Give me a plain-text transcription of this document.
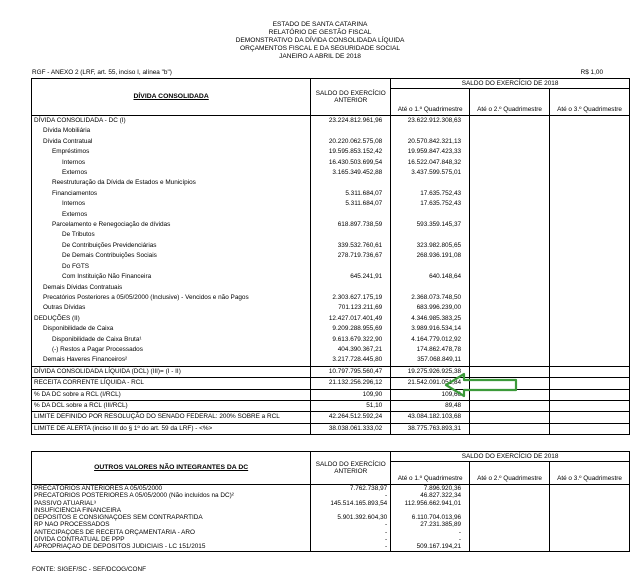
ESTADO DE SANTA CATARINA
RELATÓRIO DE GESTÃO FISCAL
DEMONSTRATIVO DA DÍVIDA CONSOLIDADA LÍQUIDA
ORÇAMENTOS FISCAL E DA SEGURIDADE SOCIAL
JANEIRO A ABRIL DE 2018
RGF - ANEXO 2 (LRF, art. 55, inciso I, alínea "b")	R$ 1,00
DÍVIDA CONSOLIDADA	SALDO DO EXERCÍCIO ANTERIOR	SALDO DO EXERCÍCIO DE 2018		
		Até o 1.º Quadrimestre	Até o 2.º Quadrimestre	Até o 3.º Quadrimestre
DÍVIDA CONSOLIDADA - DC (I)	23.224.812.961,96	23.622.912.308,63		
Dívida Mobiliária				
Dívida Contratual	20.220.062.575,08	20.570.842.321,13		
Empréstimos	19.595.853.152,42	19.959.847.423,33		
Internos	16.430.503.699,54	16.522.047.848,32		
Externos	3.165.349.452,88	3.437.599.575,01		
Reestruturação da Dívida de Estados e Municípios				
Financiamentos	5.311.684,07	17.635.752,43		
Internos	5.311.684,07	17.635.752,43		
Externos				
Parcelamento e Renegociação de dívidas	618.897.738,59	593.359.145,37		
De Tributos				
De Contribuições Previdenciárias	339.532.760,61	323.982.805,65		
De Demais Contribuições Sociais	278.719.736,67	268.936.191,08		
Do FGTS				
Com Instituição Não Financeira	645.241,91	640.148,64		
Demais Dívidas Contratuais				
Precatórios Posteriores a 05/05/2000 (Inclusive) - Vencidos e não Pagos	2.303.627.175,19	2.368.073.748,50		
Outras Dívidas	701.123.211,69	683.996.239,00		
DEDUÇÕES (II)	12.427.017.401,49	4.346.985.383,25		
Disponibilidade de Caixa	9.209.288.955,69	3.989.916.534,14		
Disponibilidade de Caixa Bruta¹	9.613.679.322,90	4.164.779.012,92		
(-) Restos a Pagar Processados	404.390.367,21	174.862.478,78		
Demais Haveres Financeiros²	3.217.728.445,80	357.068.849,11		
DÍVIDA CONSOLIDADA LÍQUIDA (DCL) (III)= (I - II)	10.797.795.560,47	19.275.926.925,38		
RECEITA CORRENTE LÍQUIDA - RCL	21.132.256.296,12	21.542.091.051,84		
% DA DC sobre a RCL (I/RCL)	109,90	109,66		
% DA DCL sobre a RCL (III/RCL)	51,10	89,48		
LIMITE DEFINIDO POR RESOLUÇÃO DO SENADO FEDERAL: 200% SOBRE a RCL	42.264.512.592,24	43.084.182.103,68		
LIMITE DE ALERTA (inciso III do § 1º do art. 59 da LRF) - <%>	38.038.061.333,02	38.775.763.893,31		
OUTROS VALORES NÃO INTEGRANTES DA DC	SALDO DO EXERCÍCIO ANTERIOR	SALDO DO EXERCÍCIO DE 2018		
		Até o 1.º Quadrimestre	Até o 2.º Quadrimestre	Até o 3.º Quadrimestre
PRECATÓRIOS ANTERIORES A 05/05/2000	7.762.738,97	7.896.920,36		
PRECATÓRIOS POSTERIORES A 05/05/2000 (Não incluídos na DC)²	-	46.827.322,34		
PASSIVO ATUARIAL³	145.514.165.893,54	112.956.662.941,01		
INSUFICIÊNCIA FINANCEIRA				
DEPÓSITOS E CONSIGNAÇÕES SEM CONTRAPARTIDA	5.901.392.604,30	6.110.704.013,96		
RP NÃO PROCESSADOS	-	27.231.385,89		
ANTECIPAÇÕES DE RECEITA ORÇAMENTÁRIA - ARO	-	-		
DÍVIDA CONTRATUAL DE PPP	-	-		
APROPRIAÇÃO DE DEPÓSITOS JUDICIAIS - LC 151/2015	-	509.167.194,21		
FONTE: SIGEF/SC - SEF/DCOG/CONF
